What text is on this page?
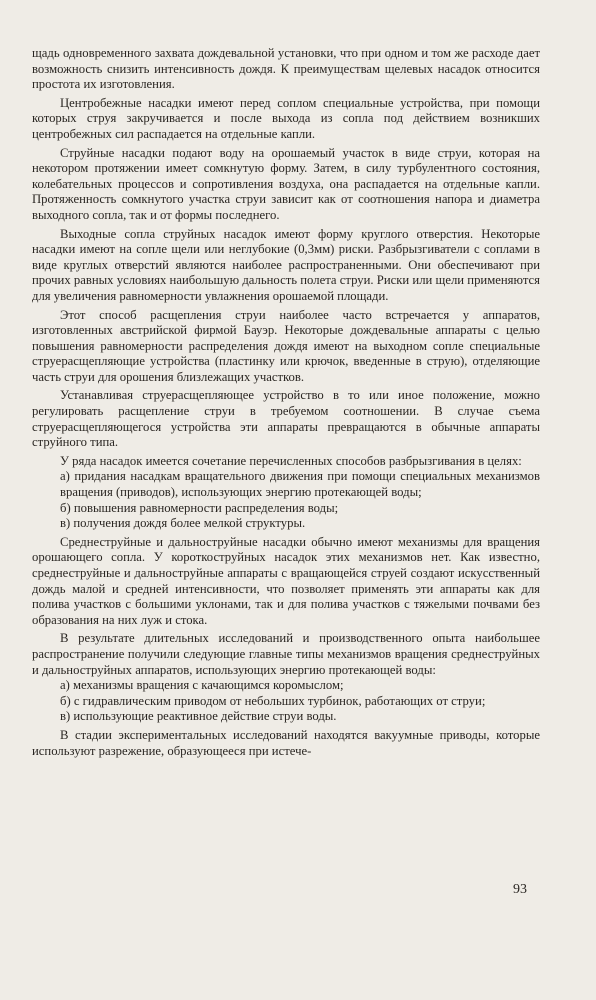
щадь одновременного захвата дождевальной установки, что при одном и том же расходе дает возможность снизить интенсивность дождя. К преимуществам щелевых насадок относится простота их изготовления.

Центробежные насадки имеют перед соплом специальные устройства, при помощи которых струя закручивается и после выхода из сопла под действием возникших центробежных сил распадается на отдельные капли.

Струйные насадки подают воду на орошаемый участок в виде струи, которая на некотором протяжении имеет сомкнутую форму. Затем, в силу турбулентного состояния, колебательных процессов и сопротивления воздуха, она распадается на отдельные капли. Протяженность сомкнутого участка струи зависит как от соотношения напора и диаметра выходного сопла, так и от формы последнего.

Выходные сопла струйных насадок имеют форму круглого отверстия. Некоторые насадки имеют на сопле щели или неглубокие (0,3мм) риски. Разбрызгиватели с соплами в виде круглых отверстий являются наиболее распространенными. Они обеспечивают при прочих равных условиях наибольшую дальность полета струи. Риски или щели применяются для увеличения равномерности увлажнения орошаемой площади.

Этот способ расщепления струи наиболее часто встречается у аппаратов, изготовленных австрийской фирмой Бауэр. Некоторые дождевальные аппараты с целью повышения равномерности распределения дождя имеют на выходном сопле специальные струерасщепляющие устройства (пластинку или крючок, введенные в струю), отделяющие часть струи для орошения близлежащих участков.

Устанавливая струерасщепляющее устройство в то или иное положение, можно регулировать расщепление струи в требуемом соотношении. В случае съема струерасщепляющегося устройства эти аппараты превращаются в обычные аппараты струйного типа.

У ряда насадок имеется сочетание перечисленных способов разбрызгивания в целях:

а) придания насадкам вращательного движения при помощи специальных механизмов вращения (приводов), использующих энергию протекающей воды;

б) повышения равномерности распределения воды;

в) получения дождя более мелкой структуры.

Среднеструйные и дальноструйные насадки обычно имеют механизмы для вращения орошающего сопла. У короткоструйных насадок этих механизмов нет. Как известно, среднеструйные и дальноструйные аппараты с вращающейся струей создают искусственный дождь малой и средней интенсивности, что позволяет применять эти аппараты как для полива участков с большими уклонами, так и для полива участков с тяжелыми почвами без образования на них луж и стока.

В результате длительных исследований и производственного опыта наибольшее распространение получили следующие главные типы механизмов вращения среднеструйных и дальноструйных аппаратов, использующих энергию протекающей воды:

а) механизмы вращения с качающимся коромыслом;

б) с гидравлическим приводом от небольших турбинок, работающих от струи;

в) использующие реактивное действие струи воды.

В стадии экспериментальных исследований находятся вакуумные приводы, которые используют разрежение, образующееся при истече-

93
